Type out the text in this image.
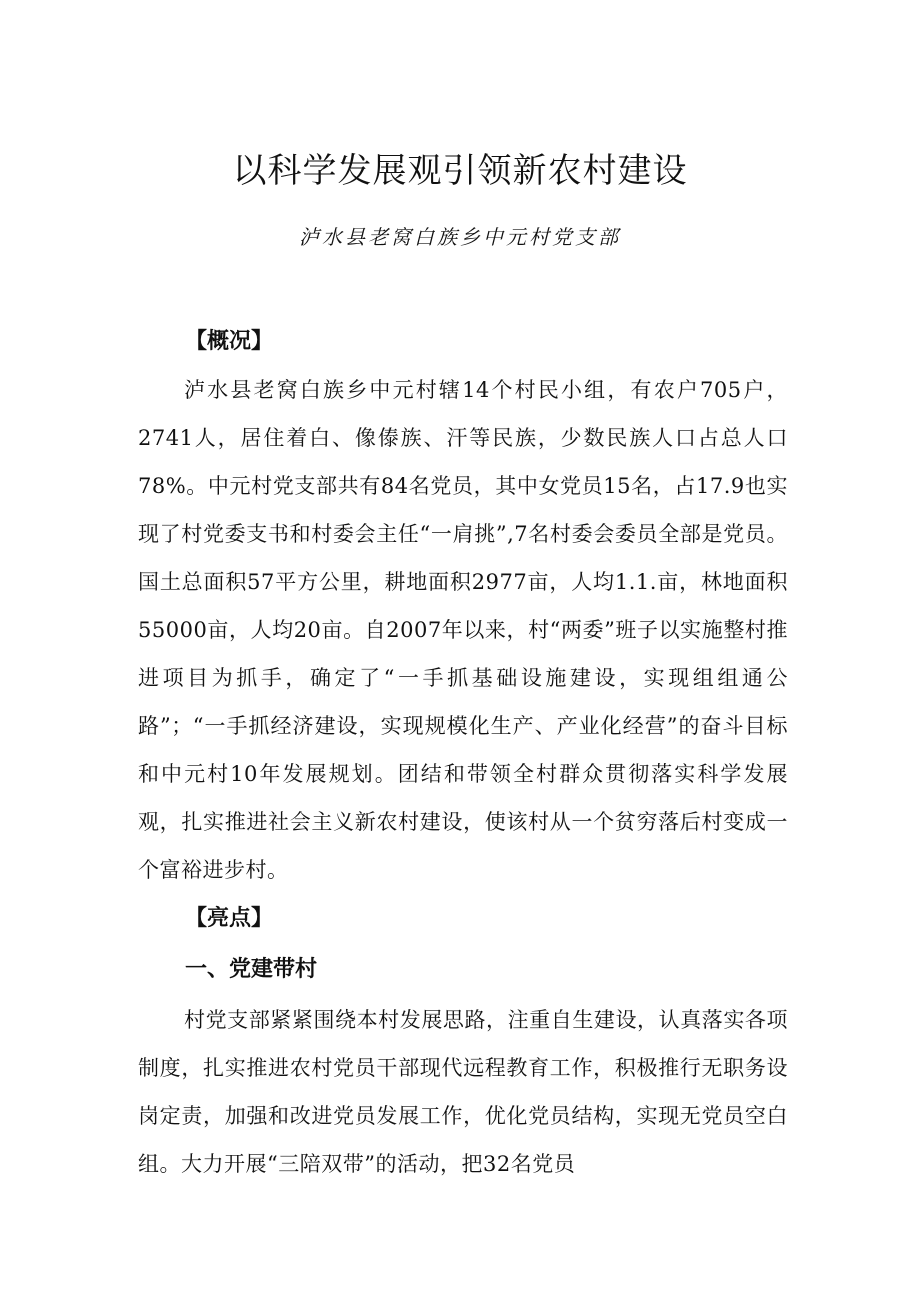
以科学发展观引领新农村建设
泸水县老窝白族乡中元村党支部
【概况】

泸水县老窝白族乡中元村辖14个村民小组，有农户705户，2741人，居住着白、像傣族、汗等民族，少数民族人口占总人口78%。中元村党支部共有84名党员，其中女党员15名，占17.9也实现了村党委支书和村委会主任“一肩挑”,7名村委会委员全部是党员。国土总面积57平方公里，耕地面积2977亩，人均1.1.亩，林地面积55000亩，人均20亩。自2007年以来，村“两委”班子以实施整村推进项目为抓手，确定了“一手抓基础设施建设，实现组组通公路”；“一手抓经济建设，实现规模化生产、产业化经营”的奋斗目标和中元村10年发展规划。团结和带领全村群众贯彻落实科学发展观，扎实推进社会主义新农村建设，使该村从一个贫穷落后村变成一个富裕进步村。

【亮点】
一、党建带村

村党支部紧紧围绕本村发展思路，注重自生建设，认真落实各项制度，扎实推进农村党员干部现代远程教育工作，积极推行无职务设岗定责，加强和改进党员发展工作，优化党员结构，实现无党员空白组。大力开展“三陪双带”的活动，把32名党员
